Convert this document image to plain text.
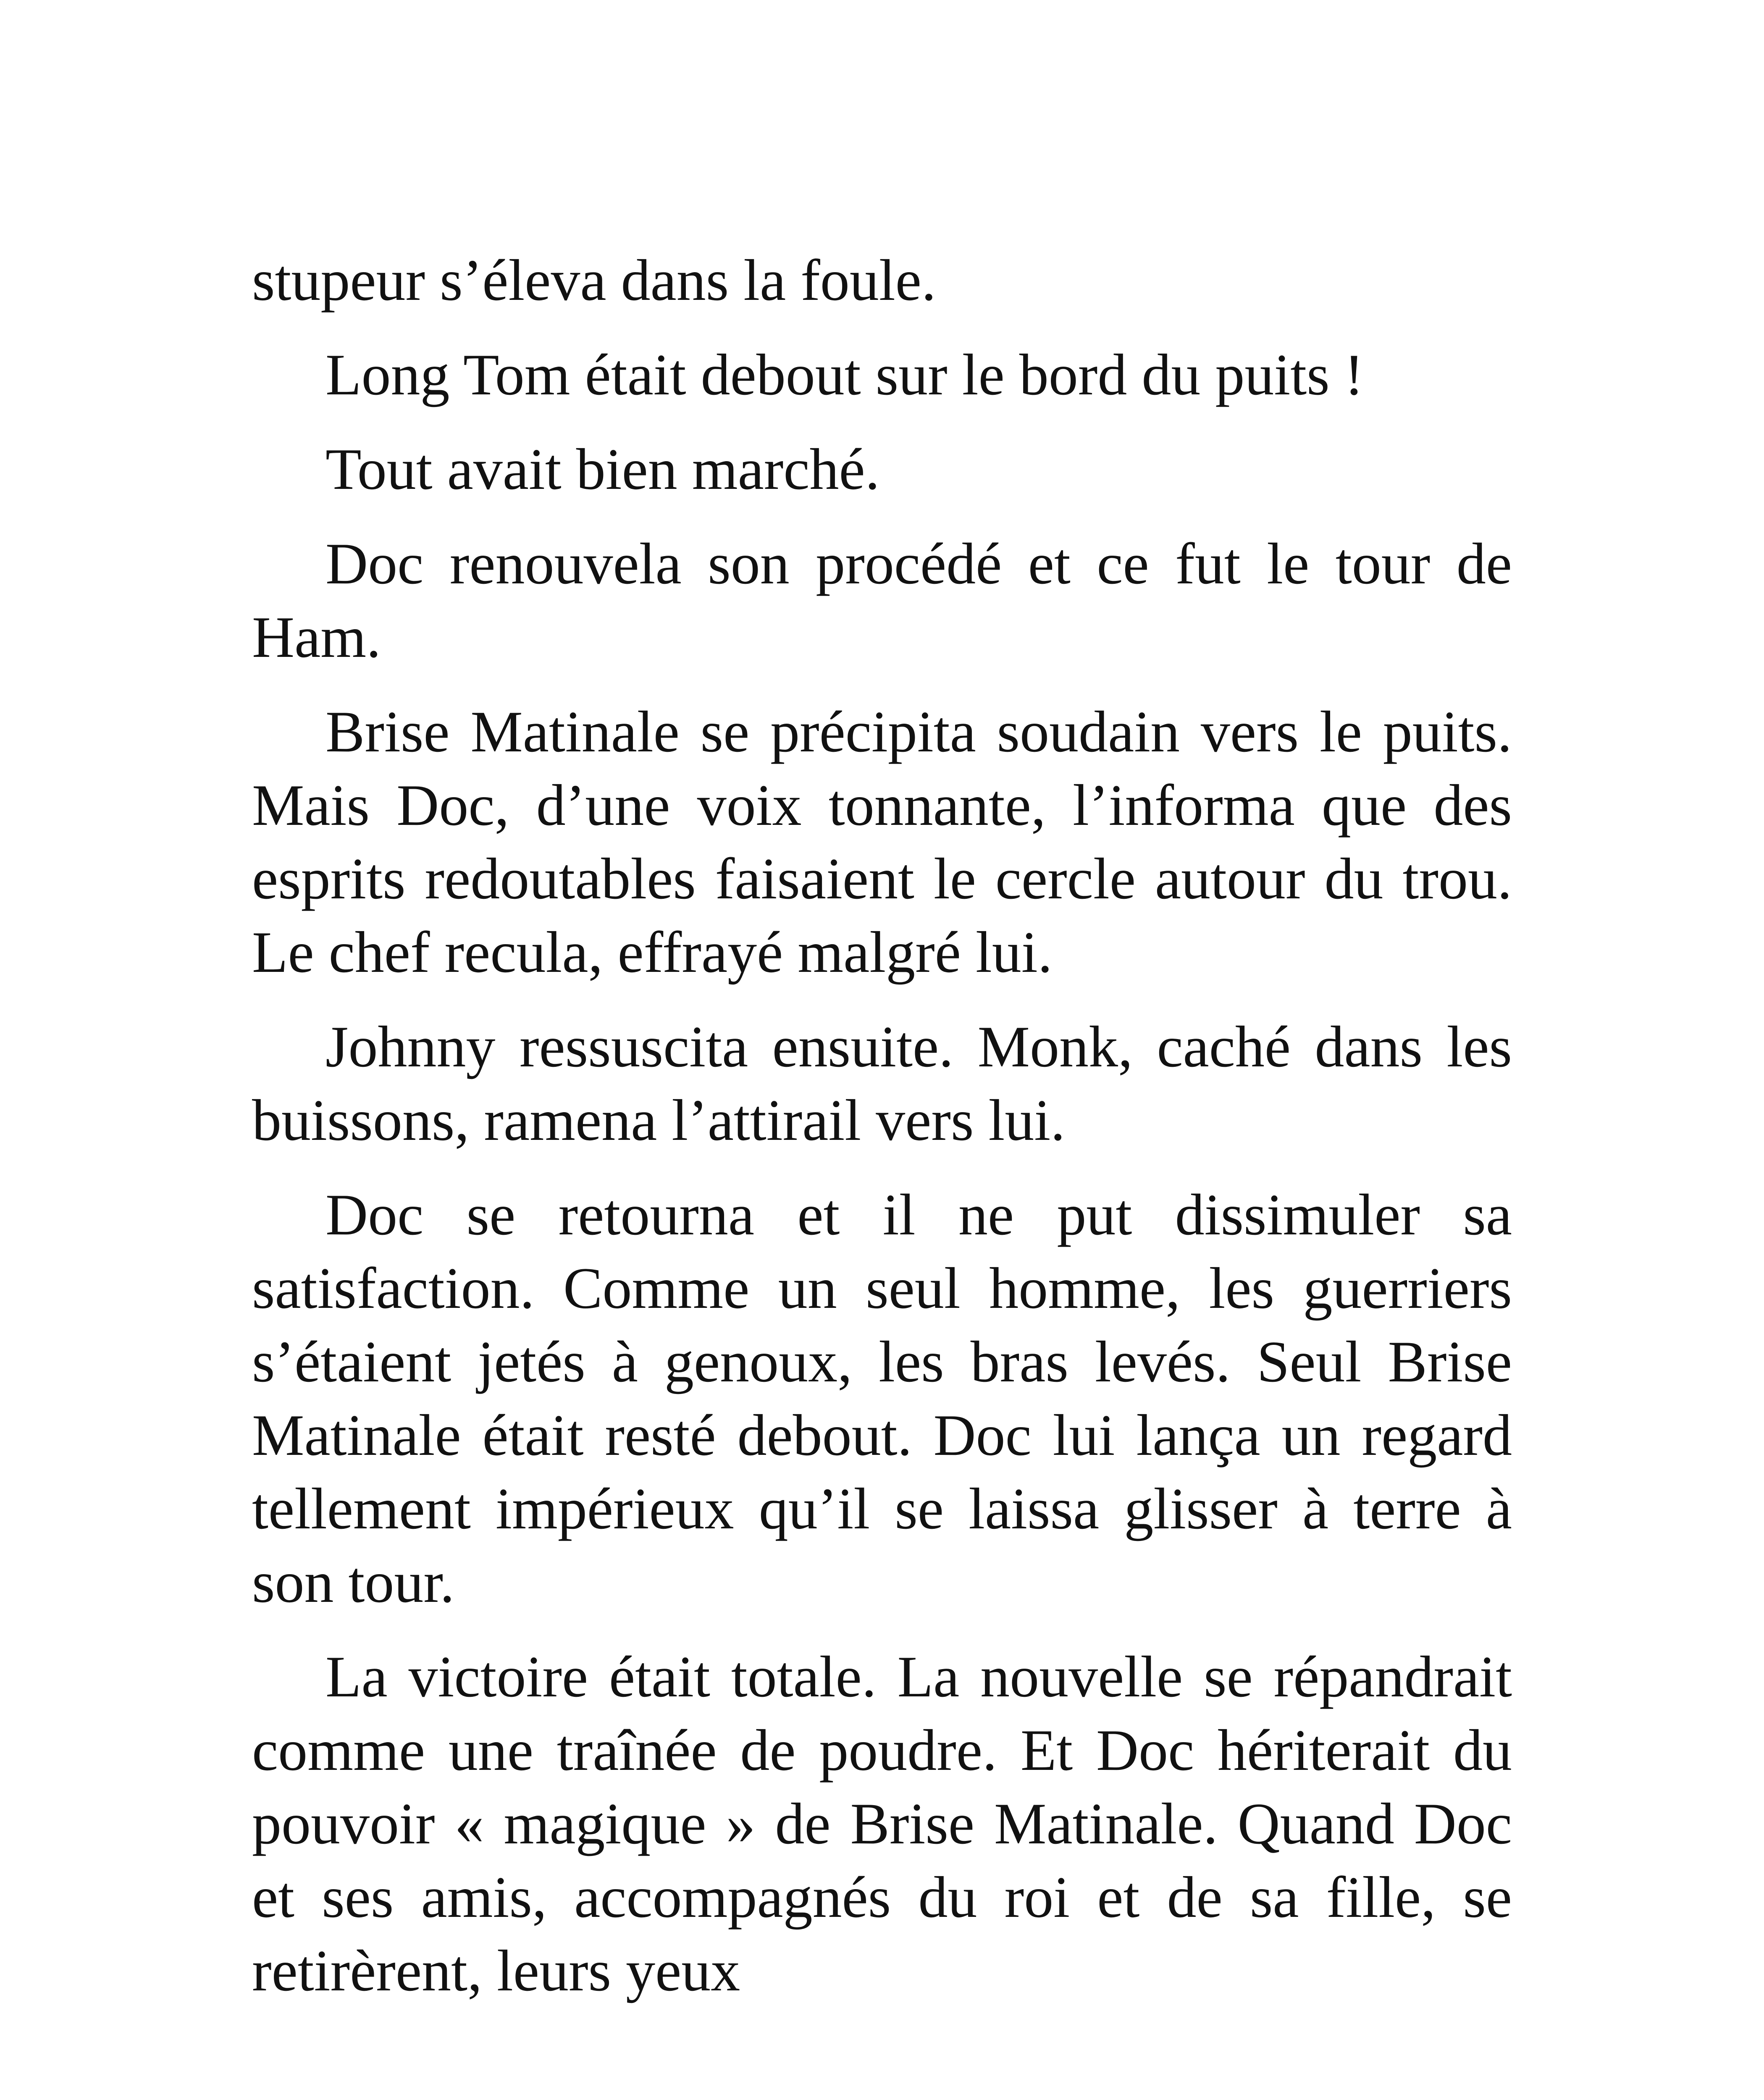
stupeur s’éleva dans la foule.

Long Tom était debout sur le bord du puits !

Tout avait bien marché.

Doc renouvela son procédé et ce fut le tour de Ham.

Brise Matinale se précipita soudain vers le puits. Mais Doc, d’une voix tonnante, l’informa que des esprits redoutables faisaient le cercle autour du trou. Le chef recula, effrayé malgré lui.

Johnny ressuscita ensuite. Monk, caché dans les buissons, ramena l’attirail vers lui.

Doc se retourna et il ne put dissimuler sa satisfaction. Comme un seul homme, les guerriers s’étaient jetés à genoux, les bras levés. Seul Brise Matinale était resté debout. Doc lui lança un regard tellement impérieux qu’il se laissa glisser à terre à son tour.

La victoire était totale. La nouvelle se répandrait comme une traînée de poudre. Et Doc hériterait du pouvoir « magique » de Brise Matinale. Quand Doc et ses amis, accompagnés du roi et de sa fille, se retirèrent, leurs yeux
